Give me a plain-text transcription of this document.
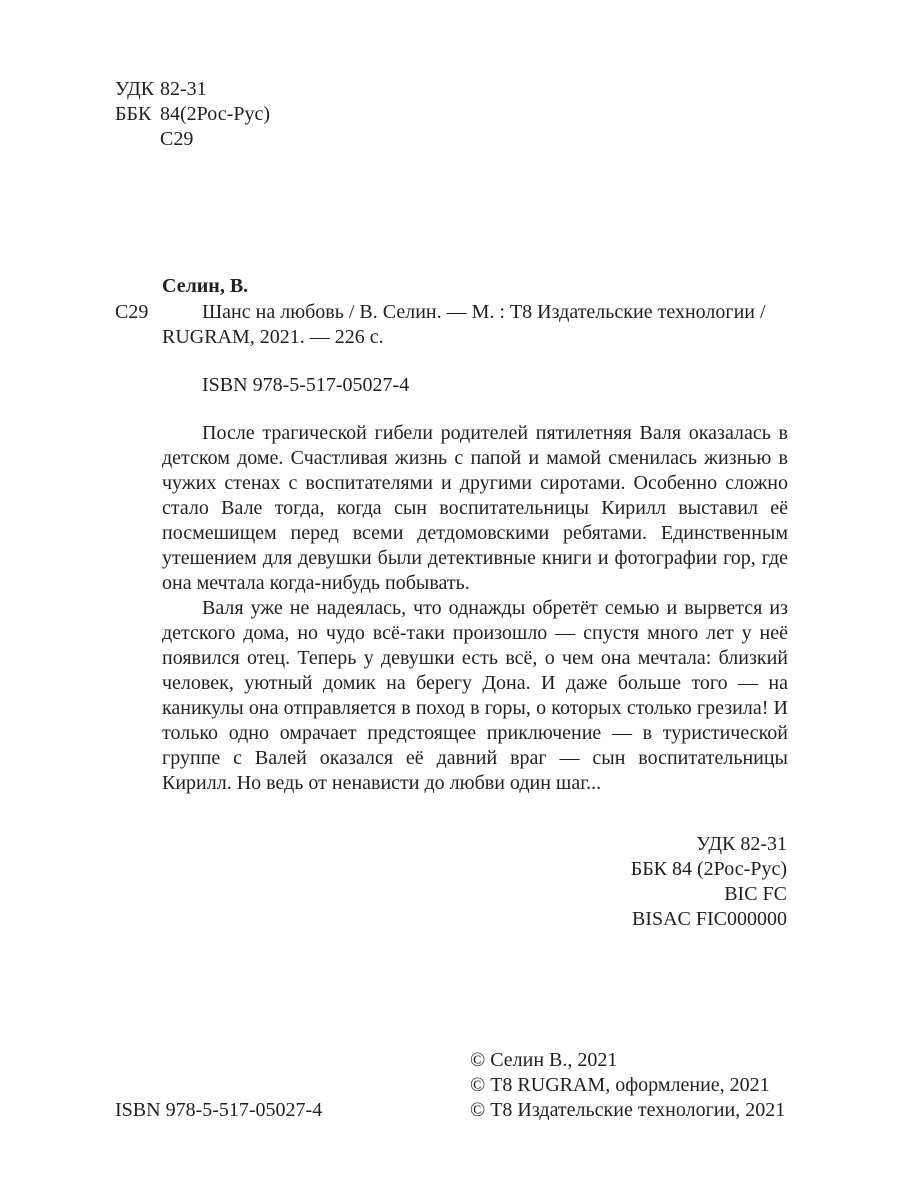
УДК 82-31
ББК 84(2Рос-Рус)
С29
Селин, В.
С29	Шанс на любовь / В. Селин. — М. : Т8 Издательские технологии /
RUGRAM, 2021. — 226 с.
ISBN 978-5-517-05027-4

После трагической гибели родителей пятилетняя Валя оказалась в детском доме. Счастливая жизнь с папой и мамой сменилась жизнью в чужих стенах с воспитателями и другими сиротами. Особенно сложно стало Вале тогда, когда сын воспитательницы Кирилл выставил её посмешищем перед всеми детдомовскими ребятами. Единственным утешением для девушки были детективные книги и фотографии гор, где она мечтала когда-нибудь побывать.

Валя уже не надеялась, что однажды обретёт семью и вырвется из детского дома, но чудо всё-таки произошло — спустя много лет у неё появился отец. Теперь у девушки есть всё, о чем она мечтала: близкий человек, уютный домик на берегу Дона. И даже больше того — на каникулы она отправляется в поход в горы, о которых столько грезила! И только одно омрачает предстоящее приключение — в туристической группе с Валей оказался её давний враг — сын воспитательницы Кирилл. Но ведь от ненависти до любви один шаг...

УДК 82-31
ББК 84 (2Рос-Рус)
BIC FC
BISAC FIC000000
© Селин В., 2021
© Т8 RUGRAM, оформление, 2021
© Т8 Издательские технологии, 2021
ISBN 978-5-517-05027-4
